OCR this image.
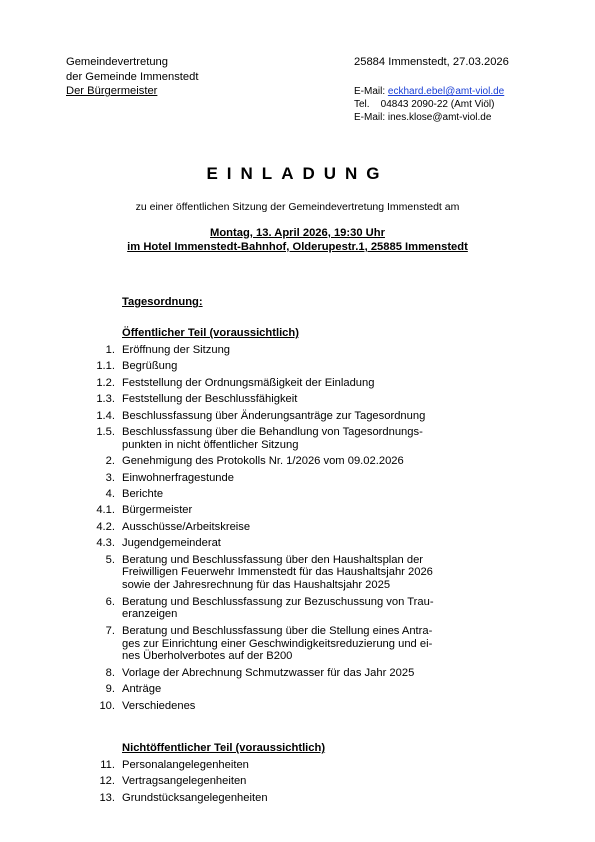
Gemeindevertretung
der Gemeinde Immenstedt
Der Bürgermeister
25884 Immenstedt, 27.03.2026
E-Mail: eckhard.ebel@amt-viol.de
Tel.    04843 2090-22 (Amt Viöl)
E-Mail: ines.klose@amt-viol.de
EINLADUNG
zu einer öffentlichen Sitzung der Gemeindevertretung Immenstedt am
Montag, 13. April 2026, 19:30 Uhr
im Hotel Immenstedt-Bahnhof, Olderupestr.1, 25885 Immenstedt
Tagesordnung:
Öffentlicher Teil (voraussichtlich)
1. Eröffnung der Sitzung
1.1. Begrüßung
1.2. Feststellung der Ordnungsmäßigkeit der Einladung
1.3. Feststellung der Beschlussfähigkeit
1.4. Beschlussfassung über Änderungsanträge zur Tagesordnung
1.5. Beschlussfassung über die Behandlung von Tagesordnungs-
punkten in nicht öffentlicher Sitzung
2. Genehmigung des Protokolls Nr. 1/2026 vom 09.02.2026
3. Einwohnerfragestunde
4. Berichte
4.1. Bürgermeister
4.2. Ausschüsse/Arbeitskreise
4.3. Jugendgemeinderat
5. Beratung und Beschlussfassung über den Haushaltsplan der
Freiwilligen Feuerwehr Immenstedt für das Haushaltsjahr 2026
sowie der Jahresrechnung für das Haushaltsjahr 2025
6. Beratung und Beschlussfassung zur Bezuschussung von Trau-
eranzeigen
7. Beratung und Beschlussfassung über die Stellung eines Antra-
ges zur Einrichtung einer Geschwindigkeitsreduzierung und ei-
nes Überholverbotes auf der B200
8. Vorlage der Abrechnung Schmutzwasser für das Jahr 2025
9. Anträge
10. Verschiedenes
Nichtöffentlicher Teil (voraussichtlich)
11. Personalangelegenheiten
12. Vertragsangelegenheiten
13. Grundstücksangelegenheiten
